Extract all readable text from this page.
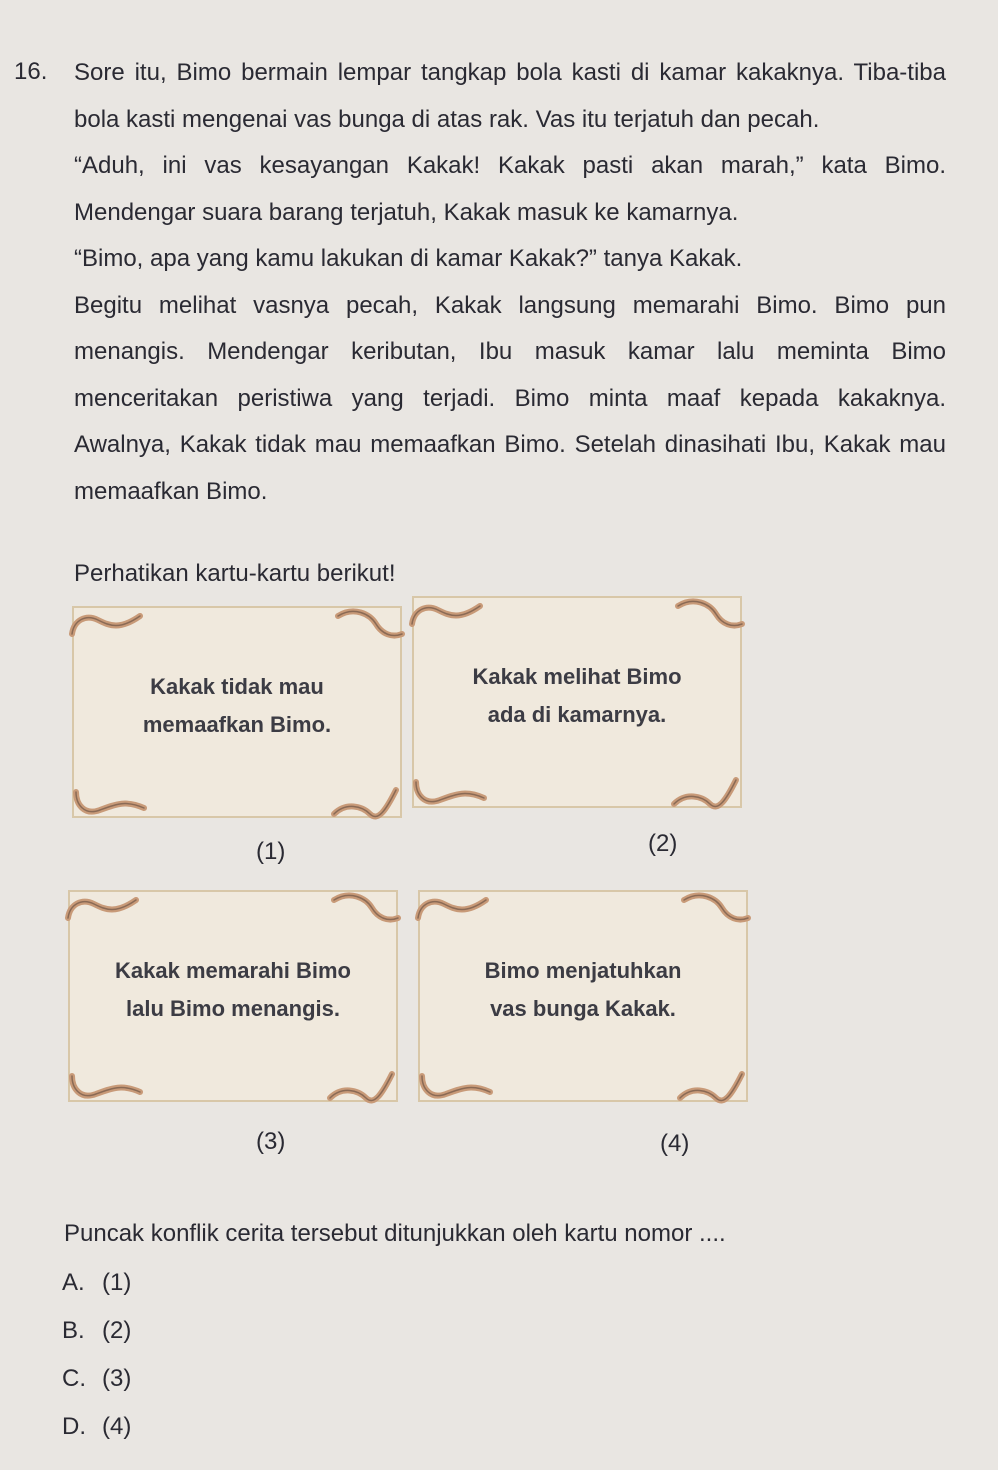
16. Sore itu, Bimo bermain lempar tangkap bola kasti di kamar kakaknya. Tiba-tiba
bola kasti mengenai vas bunga di atas rak. Vas itu terjatuh dan pecah.
“Aduh, ini vas kesayangan Kakak! Kakak pasti akan marah,” kata Bimo.
Mendengar suara barang terjatuh, Kakak masuk ke kamarnya.
“Bimo, apa yang kamu lakukan di kamar Kakak?” tanya Kakak.
Begitu melihat vasnya pecah, Kakak langsung memarahi Bimo. Bimo pun
menangis. Mendengar keributan, Ibu masuk kamar lalu meminta Bimo
menceritakan peristiwa yang terjadi. Bimo minta maaf kepada kakaknya.
Awalnya, Kakak tidak mau memaafkan Bimo. Setelah dinasihati Ibu, Kakak mau
memaafkan Bimo.
Perhatikan kartu-kartu berikut!
Kakak tidak mau
memaafkan Bimo.
(1)
Kakak melihat Bimo
ada di kamarnya.
(2)
Kakak memarahi Bimo
lalu Bimo menangis.
(3)
Bimo menjatuhkan
vas bunga Kakak.
(4)
Puncak konflik cerita tersebut ditunjukkan oleh kartu nomor ....
A. (1)
B. (2)
C. (3)
D. (4)
